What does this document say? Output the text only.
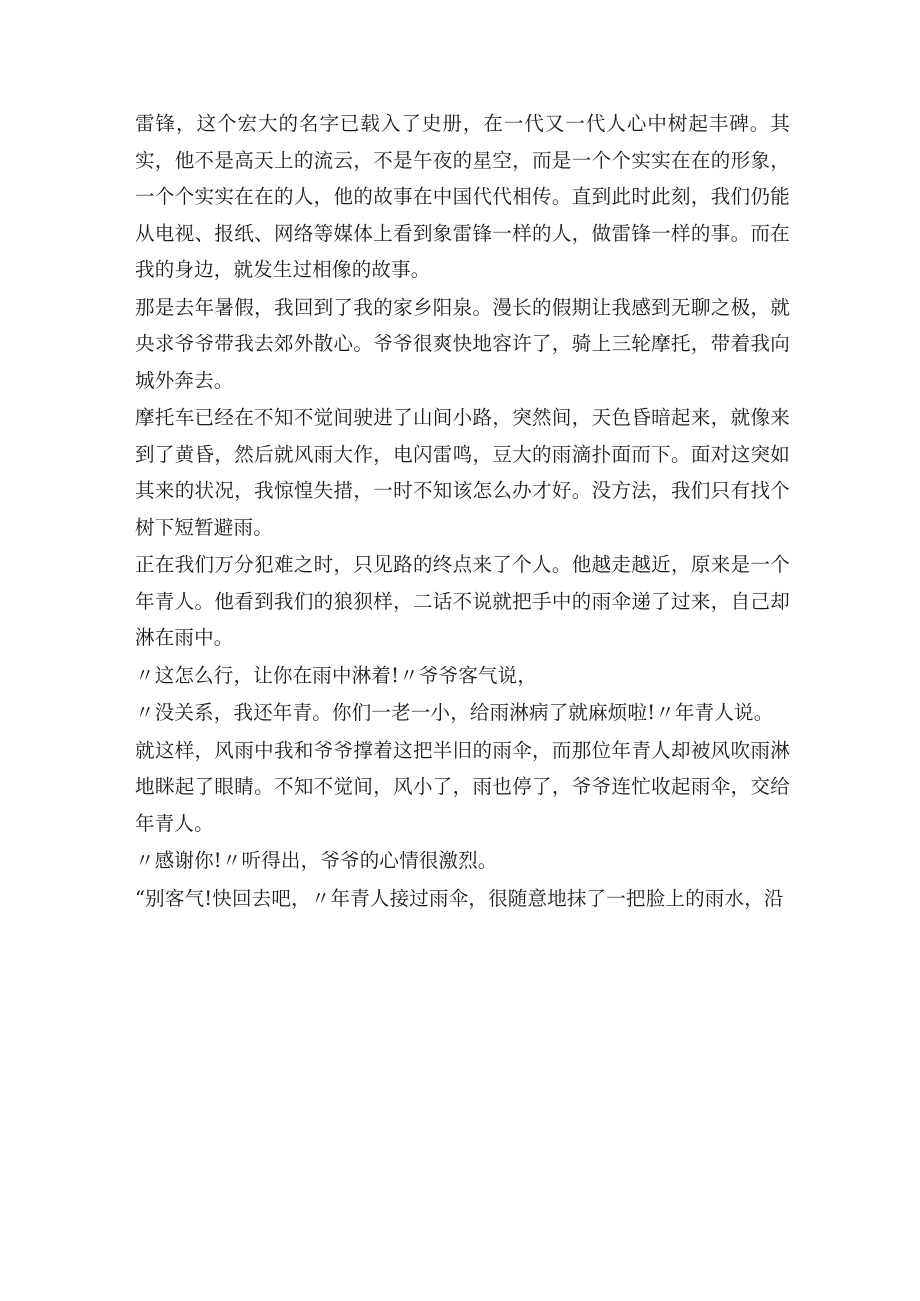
雷锋，这个宏大的名字已载入了史册，在一代又一代人心中树起丰碑。其实，他不是高天上的流云，不是午夜的星空，而是一个个实实在在的形象，一个个实实在在的人，他的故事在中国代代相传。直到此时此刻，我们仍能从电视、报纸、网络等媒体上看到象雷锋一样的人，做雷锋一样的事。而在我的身边，就发生过相像的故事。

那是去年暑假，我回到了我的家乡阳泉。漫长的假期让我感到无聊之极，就央求爷爷带我去郊外散心。爷爷很爽快地容许了，骑上三轮摩托，带着我向城外奔去。

摩托车已经在不知不觉间驶进了山间小路，突然间，天色昏暗起来，就像来到了黄昏，然后就风雨大作，电闪雷鸣，豆大的雨滴扑面而下。面对这突如其来的状况，我惊惶失措，一时不知该怎么办才好。没方法，我们只有找个树下短暂避雨。

正在我们万分犯难之时，只见路的终点来了个人。他越走越近，原来是一个年青人。他看到我们的狼狈样，二话不说就把手中的雨伞递了过来，自己却淋在雨中。

〃这怎么行，让你在雨中淋着!〃爷爷客气说，

〃没关系，我还年青。你们一老一小，给雨淋病了就麻烦啦!〃年青人说。

就这样，风雨中我和爷爷撑着这把半旧的雨伞，而那位年青人却被风吹雨淋地眯起了眼睛。不知不觉间，风小了，雨也停了，爷爷连忙收起雨伞，交给年青人。

〃感谢你!〃听得出，爷爷的心情很激烈。

“别客气!快回去吧，〃年青人接过雨伞，很随意地抹了一把脸上的雨水，沿
